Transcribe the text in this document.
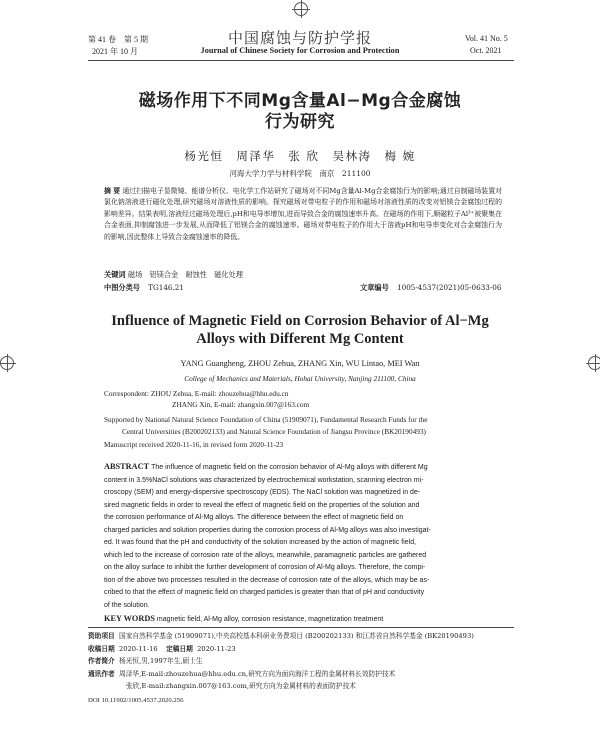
第 41 卷　第 5 期
2021 年 10 月
中国腐蚀与防护学报
Journal of Chinese Society for Corrosion and Protection
Vol. 41 No. 5
Oct. 2021
磁场作用下不同Mg含量Al−Mg合金腐蚀
行为研究
杨光恒　周泽华　张 欣　吴林涛　梅 婉
河海大学力学与材料学院　南京　211100
摘 要 通过扫描电子显微镜、能谱分析仪、电化学工作站研究了磁场对不同Mg含量Al-Mg合金腐蚀行为的影响;通过自制磁场装置对氯化钠溶液进行磁化处理,研究磁场对溶液性质的影响。探究磁场对带电粒子的作用和磁场对溶液性质的改变对铝镁合金腐蚀过程的影响差异。结果表明,溶液经过磁场处理后,pH和电导率增加,进而导致合金的腐蚀速率升高。在磁场的作用下,顺磁粒子Al³⁺被聚集在合金表面,抑制腐蚀进一步发展,从而降低了铝镁合金的腐蚀速率。磁场对带电粒子的作用大于溶液pH和电导率变化对合金腐蚀行为的影响,因此整体上导致合金腐蚀速率的降低。
关键词 磁场　铝镁合金　耐蚀性　磁化处理
中图分类号 TG146.21	文章编号 1005-4537(2021)05-0633-06
Influence of Magnetic Field on Corrosion Behavior of Al−Mg
Alloys with Different Mg Content
YANG Guangheng, ZHOU Zehua, ZHANG Xin, WU Lintao, MEI Wan
College of Mechanics and Materials, Hohai University, Nanjing 211100, China
Correspondent: ZHOU Zehua, E-mail: zhouzehua@hhu.edu.cn
ZHANG Xin, E-mail: zhangxin.007@163.com
Supported by National Natural Science Foundation of China (51909071), Fundamental Research Funds for the
Central Universities (B200202133) and Natural Science Foundation of Jiangsu Province (BK20190493)
Manuscript received 2020-11-16, in revised form 2020-11-23
ABSTRACT The influence of magnetic field on the corrosion behavior of Al-Mg alloys with different Mg
content in 3.5%NaCl solutions was characterized by electrochemical workstation, scanning electron mi-
croscopy (SEM) and energy-dispersive spectroscopy (EDS). The NaCl solution was magnetized in de-
sired magnetic fields in order to reveal the effect of magnetic field on the properties of the solution and
the corrosion performance of Al-Mg alloys. The difference between the effect of magnetic field on
charged particles and solution properties during the corrosion process of Al-Mg alloys was also investigat-
ed. It was found that the pH and conductivity of the solution increased by the action of magnetic field,
which led to the increase of corrosion rate of the alloys, meanwhile, paramagnetic particles are gathered
on the alloy surface to inhibit the further development of corrosion of Al-Mg alloys. Therefore, the compi-
tion of the above two processes resulted in the decrease of corrosion rate of the alloys, which may be as-
cribed to that the effect of magnetic field on charged particles is greater than that of pH and conductivity
of the solution.
KEY WORDS magnetic field, Al-Mg alloy, corrosion resistance, magnetization treatment
资助项目 国家自然科学基金 (51909071),中央高校基本科研业务费项目 (B200202133) 和江苏省自然科学基金 (BK20190493)
收稿日期 2020-11-16 定稿日期 2020-11-23
作者简介 杨光恒,男,1997年生,硕士生
通讯作者 周泽华,E-mail:zhouzehua@hhu.edu.cn,研究方向为面向海洋工程的金属材料长效防护技术
张欣,E-mail:zhangxin.007@163.com,研究方向为金属材料的表面防护技术
DOI 10.11902/1005.4537.2020.256
